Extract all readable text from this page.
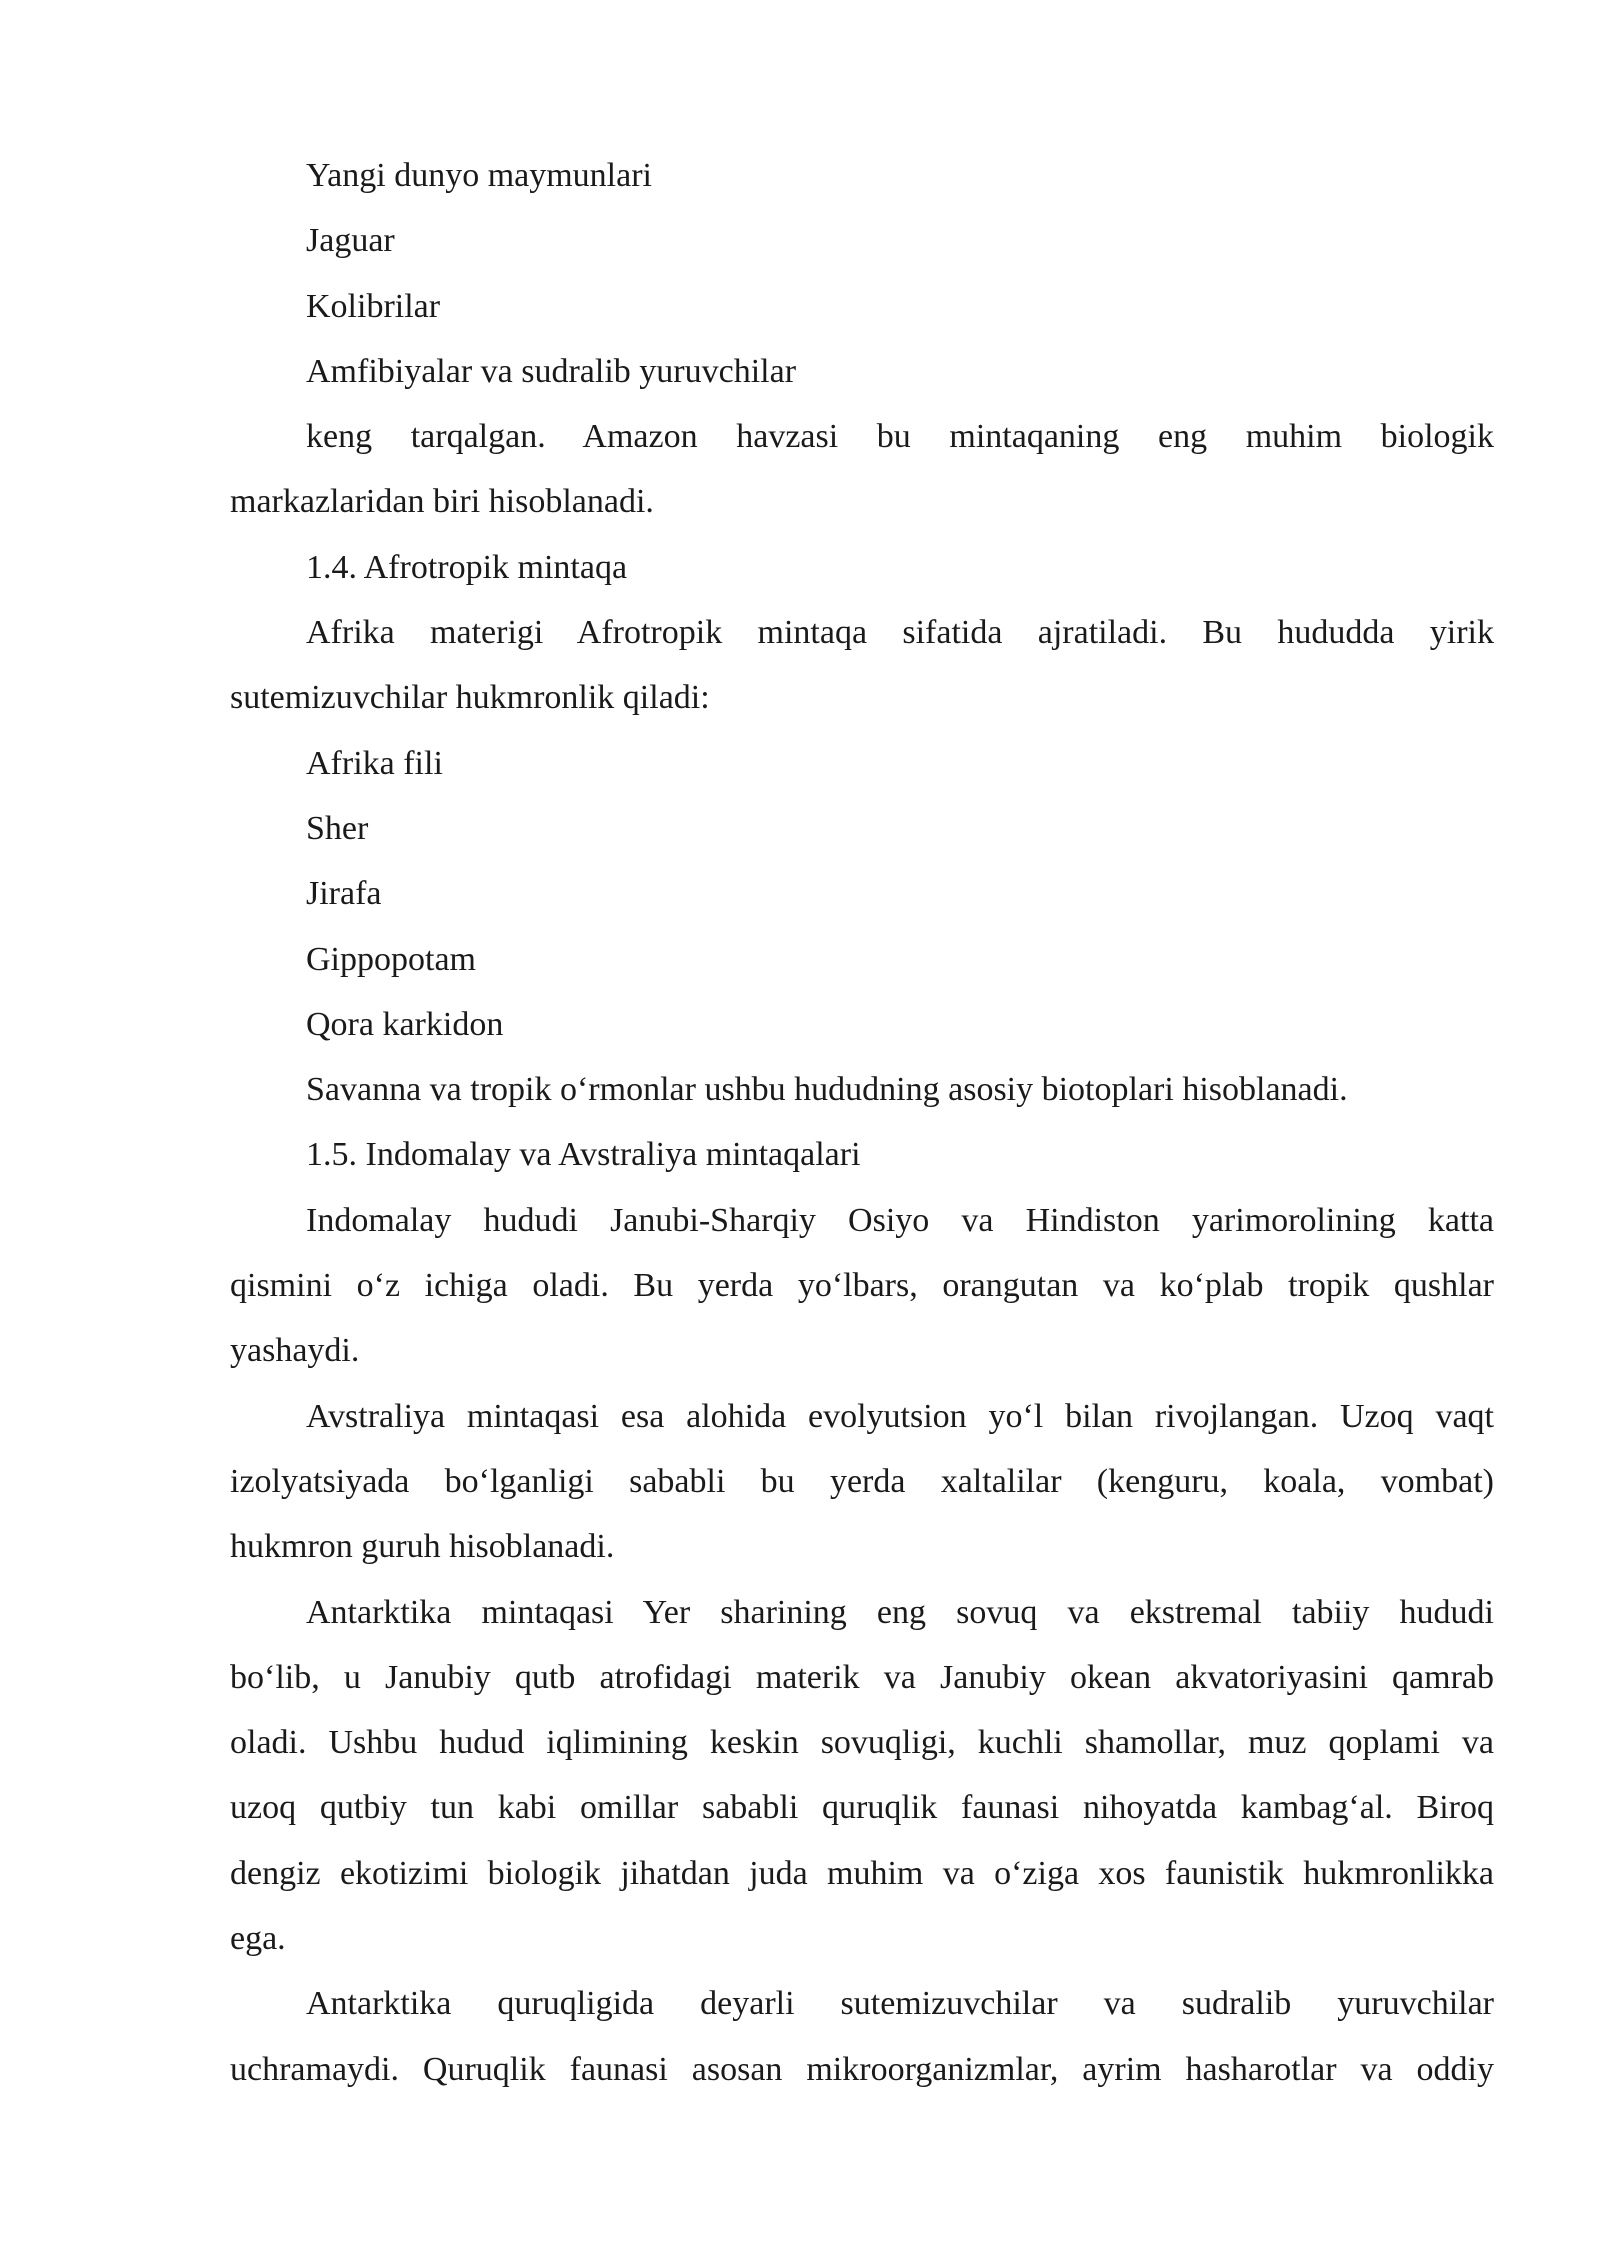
Yangi dunyo maymunlari
Jaguar
Kolibrilar
Amfibiyalar va sudralib yuruvchilar
keng tarqalgan. Amazon havzasi bu mintaqaning eng muhim biologik
markazlaridan biri hisoblanadi.
1.4. Afrotropik mintaqa
Afrika materigi Afrotropik mintaqa sifatida ajratiladi. Bu hududda yirik
sutemizuvchilar hukmronlik qiladi:
Afrika fili
Sher
Jirafa
Gippopotam
Qora karkidon
Savanna va tropik oʻrmonlar ushbu hududning asosiy biotoplari hisoblanadi.
1.5. Indomalay va Avstraliya mintaqalari
Indomalay hududi Janubi-Sharqiy Osiyo va Hindiston yarimorolining katta
qismini oʻz ichiga oladi. Bu yerda yoʻlbars, orangutan va koʻplab tropik qushlar
yashaydi.
Avstraliya mintaqasi esa alohida evolyutsion yoʻl bilan rivojlangan. Uzoq vaqt
izolyatsiyada boʻlganligi sababli bu yerda xaltalilar (kenguru, koala, vombat)
hukmron guruh hisoblanadi.
Antarktika mintaqasi Yer sharining eng sovuq va ekstremal tabiiy hududi
boʻlib, u Janubiy qutb atrofidagi materik va Janubiy okean akvatoriyasini qamrab
oladi. Ushbu hudud iqlimining keskin sovuqligi, kuchli shamollar, muz qoplami va
uzoq qutbiy tun kabi omillar sababli quruqlik faunasi nihoyatda kambagʻal. Biroq
dengiz ekotizimi biologik jihatdan juda muhim va oʻziga xos faunistik hukmronlikka
ega.
Antarktika quruqligida deyarli sutemizuvchilar va sudralib yuruvchilar
uchramaydi. Quruqlik faunasi asosan mikroorganizmlar, ayrim hasharotlar va oddiy
